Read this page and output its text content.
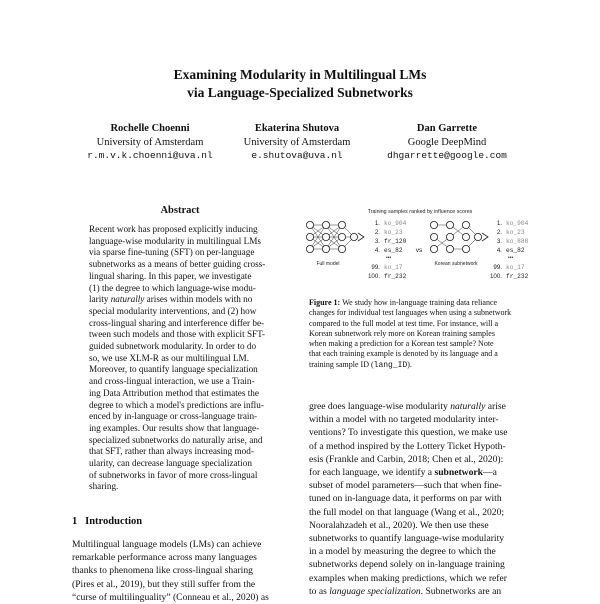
Examining Modularity in Multilingual LMs
via Language-Specialized Subnetworks
Rochelle Choenni
University of Amsterdam
r.m.v.k.choenni@uva.nl
Ekaterina Shutova
University of Amsterdam
e.shutova@uva.nl
Dan Garrette
Google DeepMind
dhgarrette@google.com
Abstract
Recent work has proposed explicitly inducing
language-wise modularity in multilingual LMs
via sparse fine-tuning (SFT) on per-language
subnetworks as a means of better guiding cross-
lingual sharing. In this paper, we investigate
(1) the degree to which language-wise modu-
larity naturally arises within models with no
special modularity interventions, and (2) how
cross-lingual sharing and interference differ be-
tween such models and those with explicit SFT-
guided subnetwork modularity. In order to do
so, we use XLM-R as our multilingual LM.
Moreover, to quantify language specialization
and cross-lingual interaction, we use a Train-
ing Data Attribution method that estimates the
degree to which a model's predictions are influ-
enced by in-language or cross-language train-
ing examples. Our results show that language-
specialized subnetworks do naturally arise, and
that SFT, rather than always increasing mod-
ularity, can decrease language specialization
of subnetworks in favor of more cross-lingual
sharing.
1 Introduction
Multilingual language models (LMs) can achieve
remarkable performance across many languages
thanks to phenomena like cross-lingual sharing
(Pires et al., 2019), but they still suffer from the
“curse of multilinguality” (Conneau et al., 2020) as
Training samples ranked by influence scores
Full model
1. ko_904
2. ko_23
3. fr_120
4. es_82
•••
99. ko_17
100. fr_232
vs
Korean subnetwork
1. ko_904
2. ko_23
3. ko_888
4. es_82
•••
99. ko_17
100. fr_232
Figure 1: We study how in-language training data reliance
changes for individual test languages when using a subnetwork
compared to the full model at test time. For instance, will a
Korean subnetwork rely more on Korean training samples
when making a prediction for a Korean test sample? Note
that each training example is denoted by its language and a
training sample ID (lang_ID).
gree does language-wise modularity naturally arise
within a model with no targeted modularity inter-
ventions? To investigate this question, we make use
of a method inspired by the Lottery Ticket Hypoth-
esis (Frankle and Carbin, 2018; Chen et al., 2020):
for each language, we identify a subnetwork—a
subset of model parameters—such that when fine-
tuned on in-language data, it performs on par with
the full model on that language (Wang et al., 2020;
Nooralahzadeh et al., 2020). We then use these
subnetworks to quantify language-wise modularity
in a model by measuring the degree to which the
subnetworks depend solely on in-language training
examples when making predictions, which we refer
to as language specialization. Subnetworks are an
